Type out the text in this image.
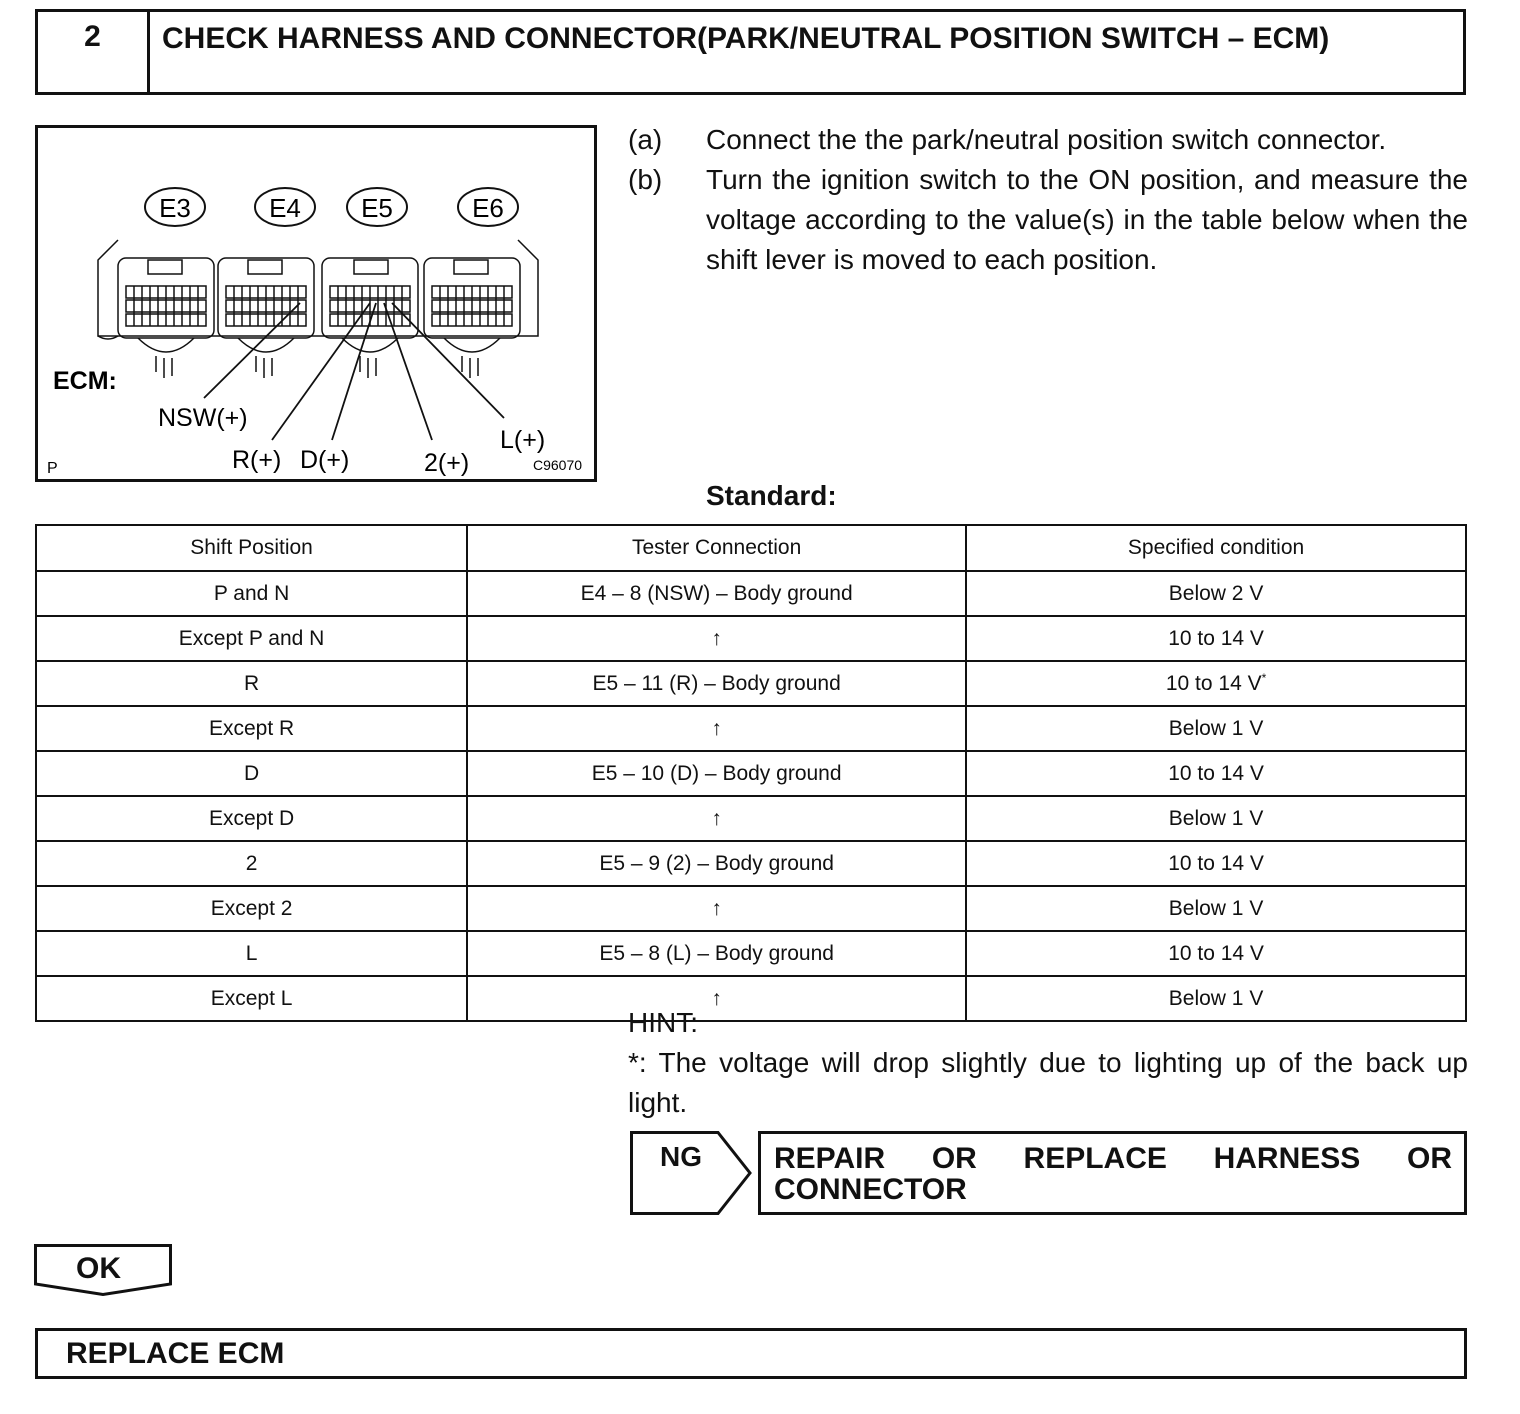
2	CHECK HARNESS AND CONNECTOR(PARK/NEUTRAL POSITION SWITCH – ECM)
E3	E4 E5	E6
ECM:
NSW(+)
R(+) D(+)	2(+)
L(+)
P	C96070
(a)	Connect the the park/neutral position switch connector.
(b)	Turn the ignition switch to the ON position, and measure the voltage according to the value(s) in the table below when the shift lever is moved to each position.
Standard:
Shift Position	Tester Connection	Specified condition
P and N	E4 – 8 (NSW) – Body ground	Below 2 V
Except P and N	↑	10 to 14 V
R	E5 – 11 (R) – Body ground	10 to 14 V*
Except R	↑	Below 1 V
D	E5 – 10 (D) – Body ground	10 to 14 V
Except D	↑	Below 1 V
2	E5 – 9 (2) – Body ground	10 to 14 V
Except 2	↑	Below 1 V
L	E5 – 8 (L) – Body ground	10 to 14 V
Except L	↑	Below 1 V
HINT:
*: The voltage will drop slightly due to lighting up of the back up light.
NG	REPAIR OR REPLACE HARNESS OR CONNECTOR
OK
REPLACE ECM
